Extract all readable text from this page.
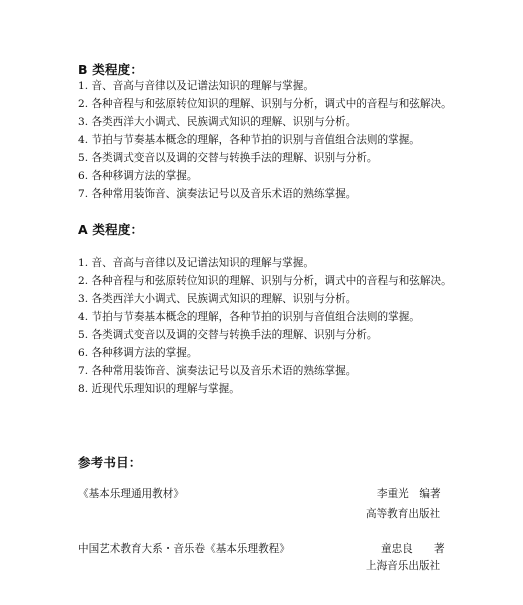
B 类程度：
1. 音、音高与音律以及记谱法知识的理解与掌握。
2. 各种音程与和弦原转位知识的理解、识别与分析，调式中的音程与和弦解决。
3. 各类西洋大小调式、民族调式知识的理解、识别与分析。
4. 节拍与节奏基本概念的理解，各种节拍的识别与音值组合法则的掌握。
5. 各类调式变音以及调的交替与转换手法的理解、识别与分析。
6. 各种移调方法的掌握。
7. 各种常用装饰音、演奏法记号以及音乐术语的熟练掌握。
A 类程度：
1. 音、音高与音律以及记谱法知识的理解与掌握。
2. 各种音程与和弦原转位知识的理解、识别与分析，调式中的音程与和弦解决。
3. 各类西洋大小调式、民族调式知识的理解、识别与分析。
4. 节拍与节奏基本概念的理解，各种节拍的识别与音值组合法则的掌握。
5. 各类调式变音以及调的交替与转换手法的理解、识别与分析。
6. 各种移调方法的掌握。
7. 各种常用装饰音、演奏法记号以及音乐术语的熟练掌握。
8. 近现代乐理知识的理解与掌握。
参考书目：
《基本乐理通用教材》	李重光　编著
高等教育出版社
中国艺术教育大系・音乐卷《基本乐理教程》	童忠良　　著
上海音乐出版社
